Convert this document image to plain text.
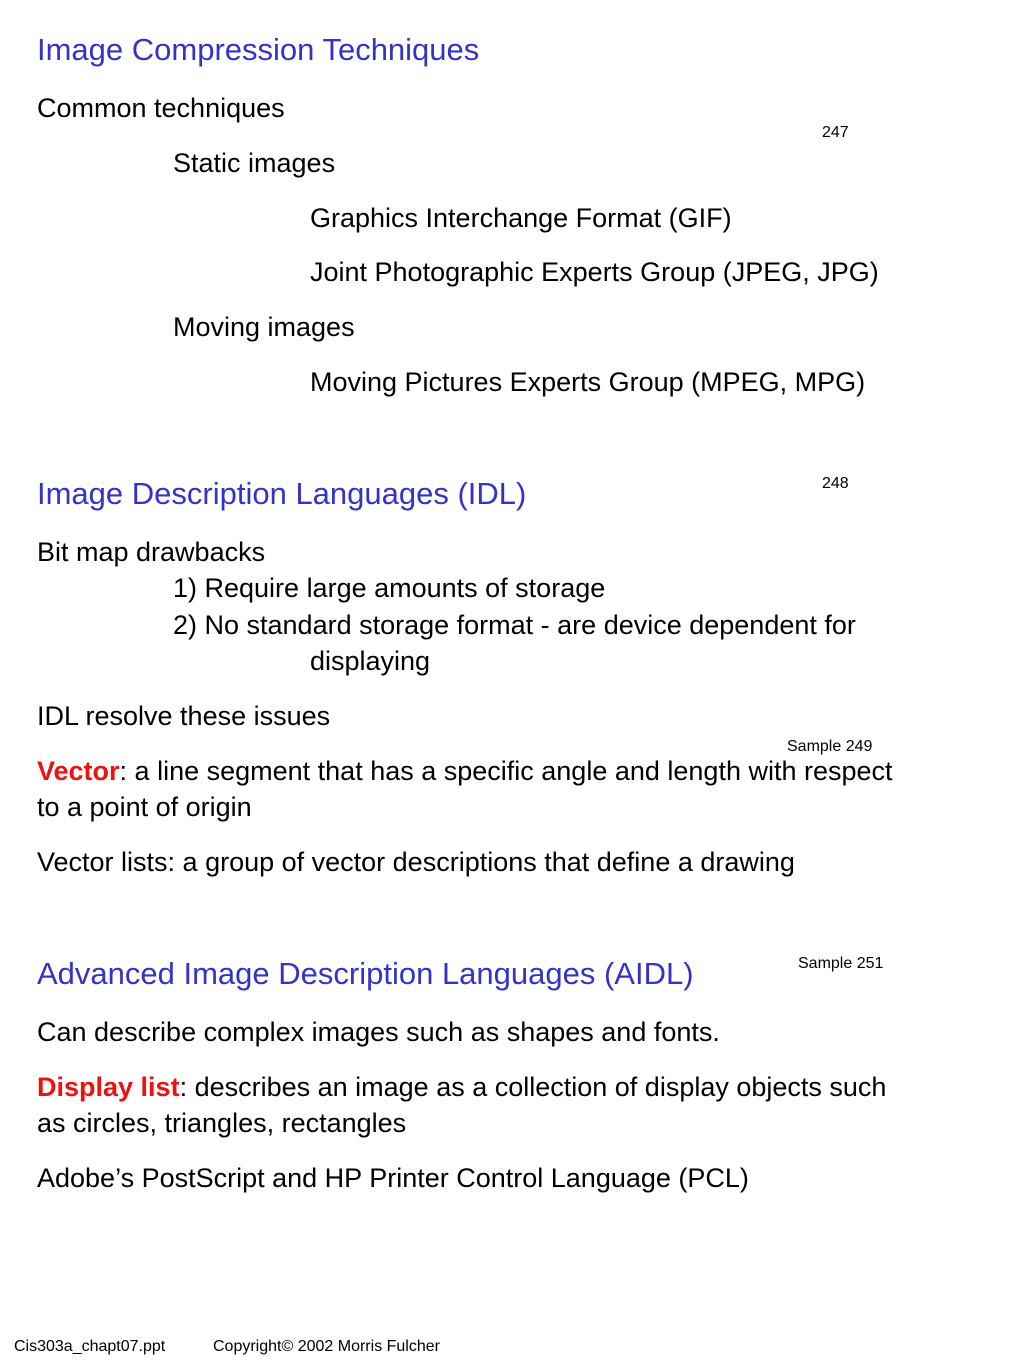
Image Compression Techniques
Common techniques
247
Static images
Graphics Interchange Format (GIF)
Joint Photographic Experts Group (JPEG, JPG)
Moving images
Moving Pictures Experts Group (MPEG, MPG)
248
Image Description Languages (IDL)
Bit map drawbacks
1) Require large amounts of storage
2) No standard storage format - are device dependent for
displaying
IDL resolve these issues
Sample 249
Vector: a line segment that has a specific angle and length with respect
to a point of origin
Vector lists: a group of vector descriptions that define a drawing
Sample 251
Advanced Image Description Languages (AIDL)
Can describe complex images such as shapes and fonts.
Display list: describes an image as a collection of display objects such
as circles, triangles, rectangles
Adobe’s PostScript and HP Printer Control Language (PCL)
Cis303a_chapt07.ppt	Copyright© 2002 Morris Fulcher
